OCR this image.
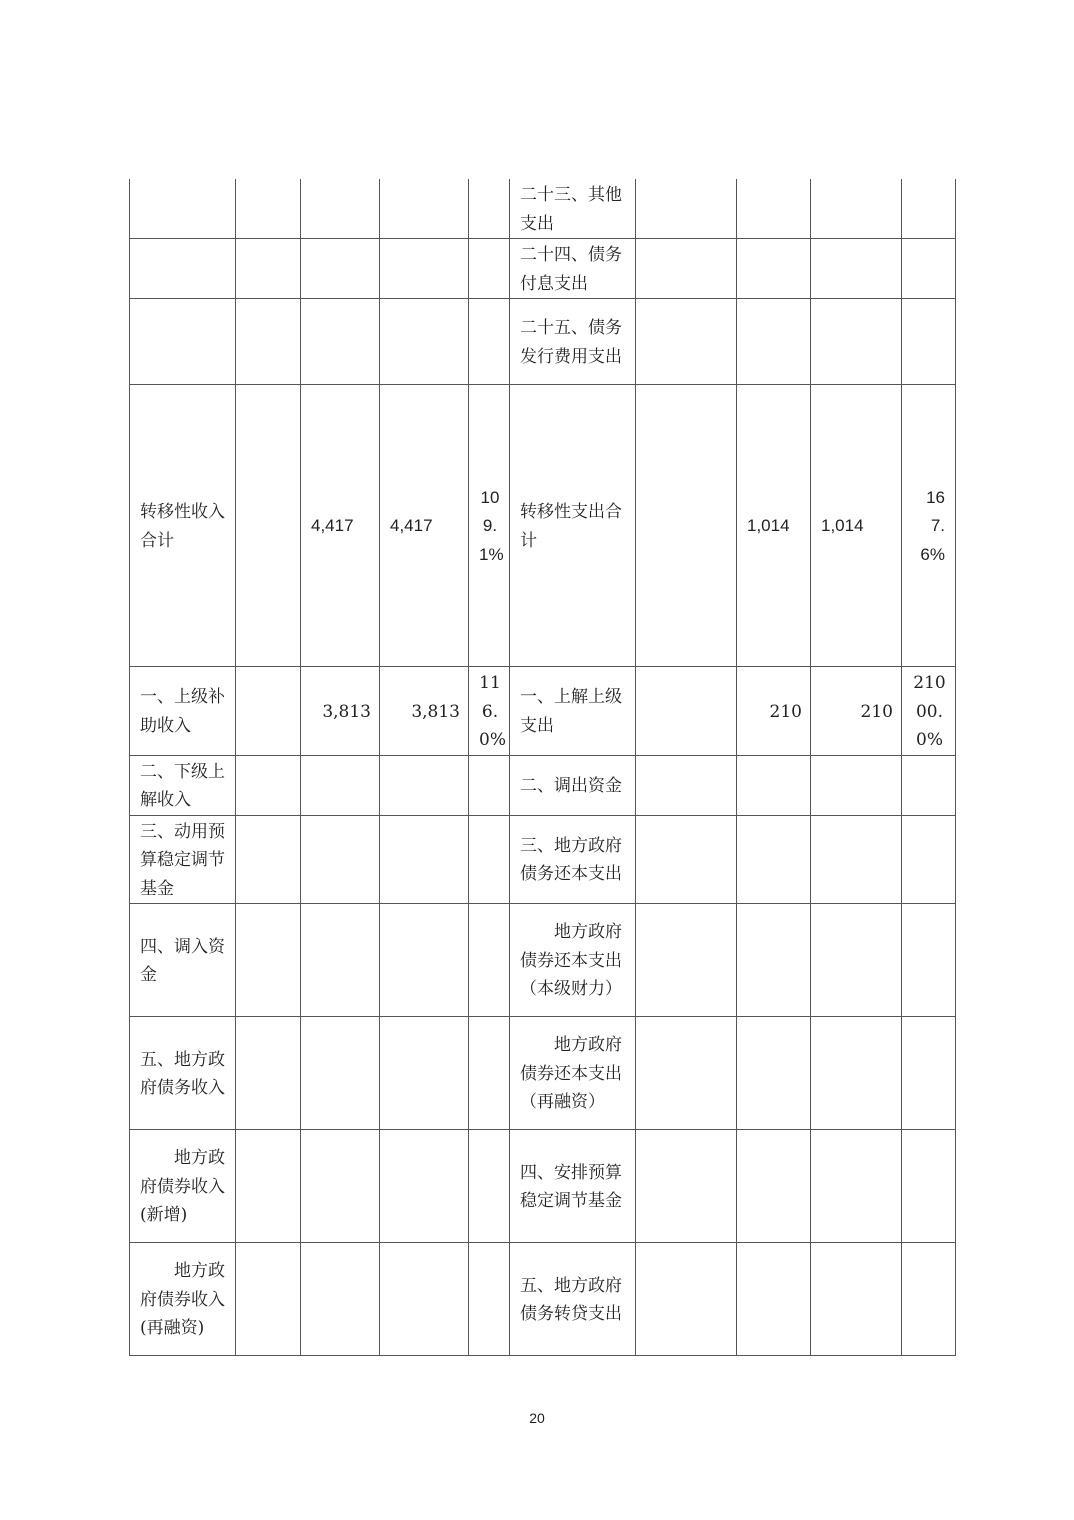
					二十三、其他支出				
					二十四、债务付息支出				
					二十五、债务发行费用支出				
转移性收入合计		4,417	4,417	109.1%	转移性支出合计		1,014	1,014	167.6%
一、上级补助收入		3,813	3,813	116.0%	一、上解上级支出		210	210	21000.0%
二、下级上解收入					二、调出资金				
三、动用预算稳定调节基金					三、地方政府债务还本支出				
四、调入资金					地方政府债券还本支出（本级财力）				
五、地方政府债务收入					地方政府债券还本支出（再融资）				
地方政府债券收入(新增)					四、安排预算稳定调节基金				
地方政府债券收入(再融资)					五、地方政府债务转贷支出				
20
